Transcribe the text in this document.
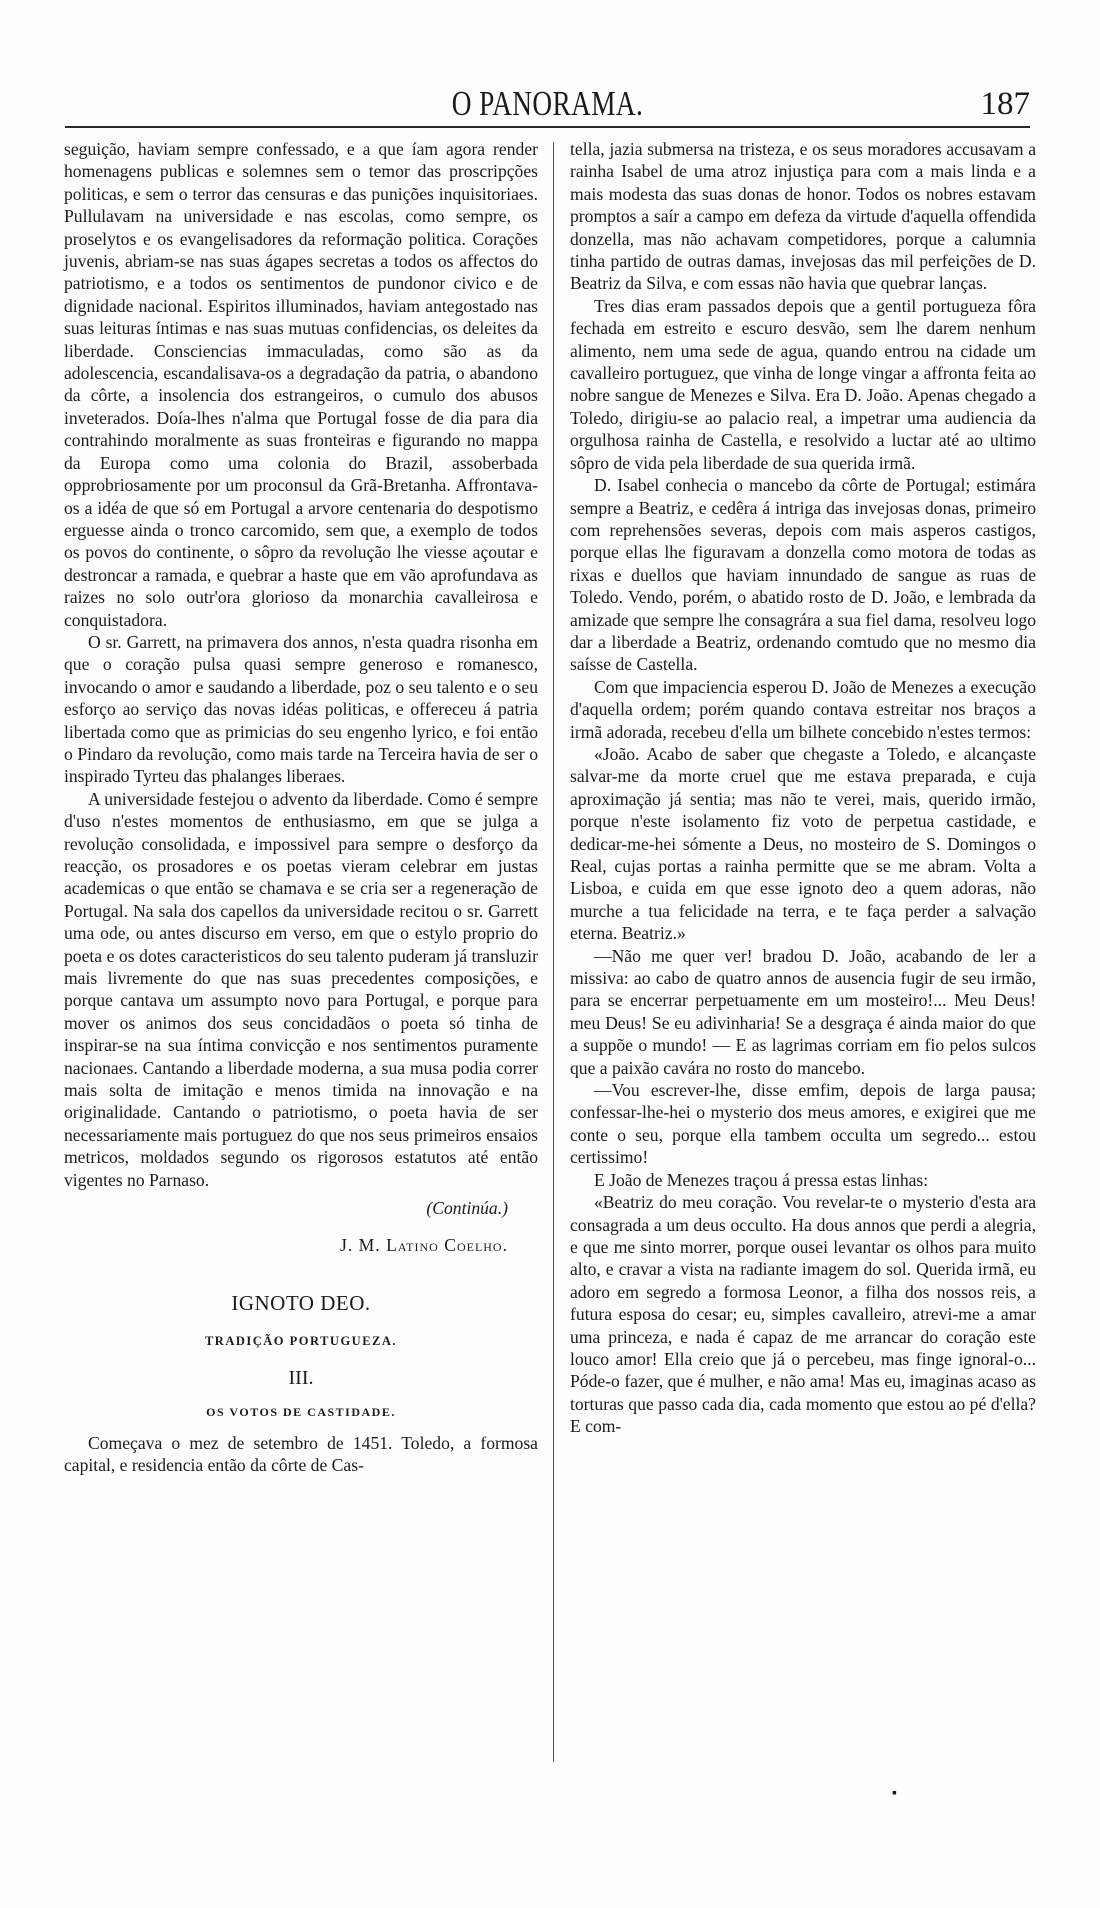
O PANORAMA.	187

seguição, haviam sempre confessado, e a que íam agora render homenagens publicas e solemnes sem o temor das proscripções politicas, e sem o terror das censuras e das punições inquisitoriaes. Pullulavam na universidade e nas escolas, como sempre, os proselytos e os evangelisadores da reformação politica. Corações juvenis, abriam-se nas suas ágapes secretas a todos os affectos do patriotismo, e a todos os sentimentos de pundonor civico e de dignidade nacional. Espiritos illuminados, haviam antegostado nas suas leituras íntimas e nas suas mutuas confidencias, os deleites da liberdade. Consciencias immaculadas, como são as da adolescencia, escandalisava-os a degradação da patria, o abandono da côrte, a insolencia dos estrangeiros, o cumulo dos abusos inveterados. Doía-lhes n'alma que Portugal fosse de dia para dia contrahindo moralmente as suas fronteiras e figurando no mappa da Europa como uma colonia do Brazil, assoberbada opprobriosamente por um proconsul da Grã-Bretanha. Affrontava-os a idéa de que só em Portugal a arvore centenaria do despotismo erguesse ainda o tronco carcomido, sem que, a exemplo de todos os povos do continente, o sôpro da revolução lhe viesse açoutar e destroncar a ramada, e quebrar a haste que em vão aprofundava as raizes no solo outr'ora glorioso da monarchia cavalleirosa e conquistadora.

O sr. Garrett, na primavera dos annos, n'esta quadra risonha em que o coração pulsa quasi sempre generoso e romanesco, invocando o amor e saudando a liberdade, poz o seu talento e o seu esforço ao serviço das novas idéas politicas, e offereceu á patria libertada como que as primicias do seu engenho lyrico, e foi então o Pindaro da revolução, como mais tarde na Terceira havia de ser o inspirado Tyrteu das phalanges liberaes.

A universidade festejou o advento da liberdade. Como é sempre d'uso n'estes momentos de enthusiasmo, em que se julga a revolução consolidada, e impossivel para sempre o desforço da reacção, os prosadores e os poetas vieram celebrar em justas academicas o que então se chamava e se cria ser a regeneração de Portugal. Na sala dos capellos da universidade recitou o sr. Garrett uma ode, ou antes discurso em verso, em que o estylo proprio do poeta e os dotes caracteristicos do seu talento puderam já transluzir mais livremente do que nas suas precedentes composições, e porque cantava um assumpto novo para Portugal, e porque para mover os animos dos seus concidadãos o poeta só tinha de inspirar-se na sua íntima convicção e nos sentimentos puramente nacionaes. Cantando a liberdade moderna, a sua musa podia correr mais solta de imitação e menos timida na innovação e na originalidade. Cantando o patriotismo, o poeta havia de ser necessariamente mais portuguez do que nos seus primeiros ensaios metricos, moldados segundo os rigorosos estatutos até então vigentes no Parnaso.

(Continúa.)
J. M. Latino Coelho.
IGNOTO DEO.
TRADIÇÃO PORTUGUEZA.
III.
OS VOTOS DE CASTIDADE.

Começava o mez de setembro de 1451. Toledo, a formosa capital, e residencia então da côrte de Cas-

tella, jazia submersa na tristeza, e os seus moradores accusavam a rainha Isabel de uma atroz injustiça para com a mais linda e a mais modesta das suas donas de honor. Todos os nobres estavam promptos a saír a campo em defeza da virtude d'aquella offendida donzella, mas não achavam competidores, porque a calumnia tinha partido de outras damas, invejosas das mil perfeições de D. Beatriz da Silva, e com essas não havia que quebrar lanças.

Tres dias eram passados depois que a gentil portugueza fôra fechada em estreito e escuro desvão, sem lhe darem nenhum alimento, nem uma sede de agua, quando entrou na cidade um cavalleiro portuguez, que vinha de longe vingar a affronta feita ao nobre sangue de Menezes e Silva. Era D. João. Apenas chegado a Toledo, dirigiu-se ao palacio real, a impetrar uma audiencia da orgulhosa rainha de Castella, e resolvido a luctar até ao ultimo sôpro de vida pela liberdade de sua querida irmã.

D. Isabel conhecia o mancebo da côrte de Portugal; estimára sempre a Beatriz, e cedêra á intriga das invejosas donas, primeiro com reprehensões severas, depois com mais asperos castigos, porque ellas lhe figuravam a donzella como motora de todas as rixas e duellos que haviam innundado de sangue as ruas de Toledo. Vendo, porém, o abatido rosto de D. João, e lembrada da amizade que sempre lhe consagrára a sua fiel dama, resolveu logo dar a liberdade a Beatriz, ordenando comtudo que no mesmo dia saísse de Castella.

Com que impaciencia esperou D. João de Menezes a execução d'aquella ordem; porém quando contava estreitar nos braços a irmã adorada, recebeu d'ella um bilhete concebido n'estes termos:

«João. Acabo de saber que chegaste a Toledo, e alcançaste salvar-me da morte cruel que me estava preparada, e cuja aproximação já sentia; mas não te verei, mais, querido irmão, porque n'este isolamento fiz voto de perpetua castidade, e dedicar-me-hei sómente a Deus, no mosteiro de S. Domingos o Real, cujas portas a rainha permitte que se me abram. Volta a Lisboa, e cuida em que esse ignoto deo a quem adoras, não murche a tua felicidade na terra, e te faça perder a salvação eterna. Beatriz.»

—Não me quer ver! bradou D. João, acabando de ler a missiva: ao cabo de quatro annos de ausencia fugir de seu irmão, para se encerrar perpetuamente em um mosteiro!... Meu Deus! meu Deus! Se eu adivinharia! Se a desgraça é ainda maior do que a suppõe o mundo! — E as lagrimas corriam em fio pelos sulcos que a paixão cavára no rosto do mancebo.

—Vou escrever-lhe, disse emfim, depois de larga pausa; confessar-lhe-hei o mysterio dos meus amores, e exigirei que me conte o seu, porque ella tambem occulta um segredo... estou certissimo!

E João de Menezes traçou á pressa estas linhas:

«Beatriz do meu coração. Vou revelar-te o mysterio d'esta ara consagrada a um deus occulto. Ha dous annos que perdi a alegria, e que me sinto morrer, porque ousei levantar os olhos para muito alto, e cravar a vista na radiante imagem do sol. Querida irmã, eu adoro em segredo a formosa Leonor, a filha dos nossos reis, a futura esposa do cesar; eu, simples cavalleiro, atrevi-me a amar uma princeza, e nada é capaz de me arrancar do coração este louco amor! Ella creio que já o percebeu, mas finge ignoral-o... Póde-o fazer, que é mulher, e não ama! Mas eu, imaginas acaso as torturas que passo cada dia, cada momento que estou ao pé d'ella? E com-

▪
